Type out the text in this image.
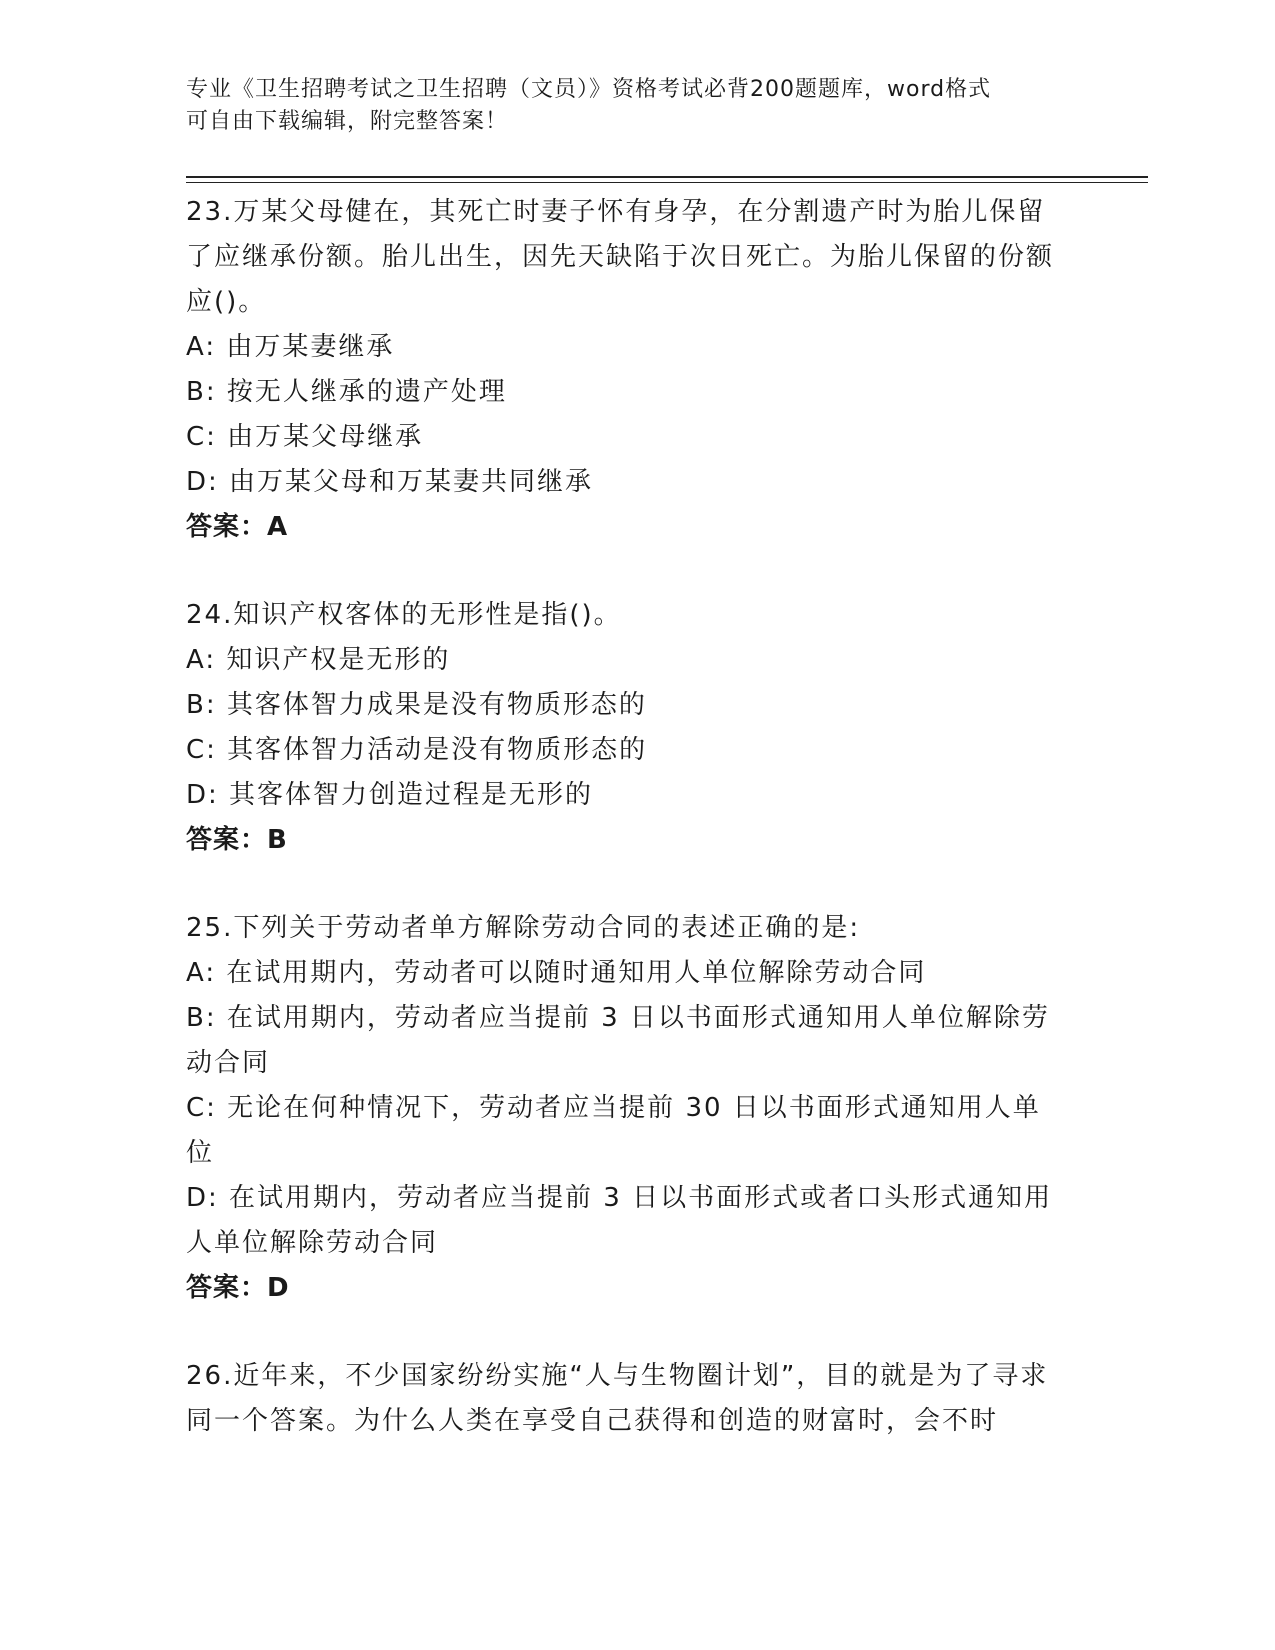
专业《卫生招聘考试之卫生招聘（文员）》资格考试必背200题题库，word格式
可自由下载编辑，附完整答案！

23.万某父母健在，其死亡时妻子怀有身孕，在分割遗产时为胎儿保留了应继承份额。胎儿出生，因先天缺陷于次日死亡。为胎儿保留的份额应()。

A: 由万某妻继承

B: 按无人继承的遗产处理

C: 由万某父母继承

D: 由万某父母和万某妻共同继承

答案：A

24.知识产权客体的无形性是指()。

A: 知识产权是无形的

B: 其客体智力成果是没有物质形态的

C: 其客体智力活动是没有物质形态的

D: 其客体智力创造过程是无形的

答案：B

25.下列关于劳动者单方解除劳动合同的表述正确的是:

A: 在试用期内，劳动者可以随时通知用人单位解除劳动合同

B: 在试用期内，劳动者应当提前 3 日以书面形式通知用人单位解除劳动合同

C: 无论在何种情况下，劳动者应当提前 30 日以书面形式通知用人单位

D: 在试用期内，劳动者应当提前 3 日以书面形式或者口头形式通知用人单位解除劳动合同

答案：D

26.近年来，不少国家纷纷实施“人与生物圈计划”，目的就是为了寻求同一个答案。为什么人类在享受自己获得和创造的财富时，会不时
